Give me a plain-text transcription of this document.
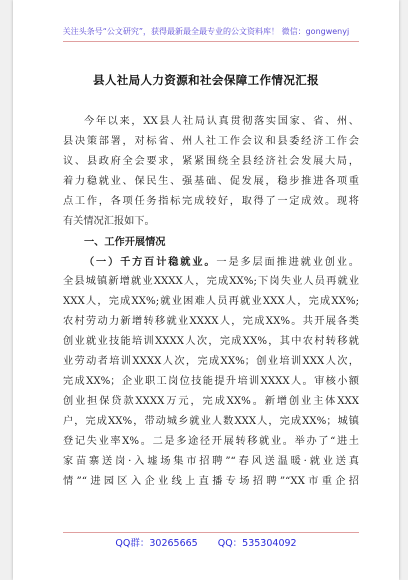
关注头条号“公文研究”，获得最新最全最专业的公文资料库！ 微信：gongwenyj
县人社局人力资源和社会保障工作情况汇报
今年以来，XX县人社局认真贯彻落实国家、省、州、
县决策部署，对标省、州人社工作会议和县委经济工作会
议、县政府全会要求，紧紧围绕全县经济社会发展大局，
着力稳就业、保民生、强基础、促发展，稳步推进各项重
点工作，各项任务指标完成较好，取得了一定成效。现将
有关情况汇报如下。
一、工作开展情况
（一）千方百计稳就业。一是多层面推进就业创业。
全县城镇新增就业XXXX人，完成XX%;下岗失业人员再就业
XXX人，完成XX%;就业困难人员再就业XXX人，完成XX%;
农村劳动力新增转移就业XXXX人，完成XX%。共开展各类
创业就业技能培训XXXX人次，完成XX%，其中农村转移就
业劳动者培训XXXX人次，完成XX%；创业培训XXX人次，
完成XX%；企业职工岗位技能提升培训XXXX人。审核小额
创业担保贷款XXXX万元，完成XX%。新增创业主体XXX
户，完成XX%，带动城乡就业人数XXX人，完成XX%；城镇
登记失业率X%。二是多途径开展转移就业。举办了“进土
家苗寨送岗·入墟场集市招聘”“春风送温暖·就业送真
情”“进园区入企业线上直播专场招聘”“XX市重企招
QQ群：30265665 QQ：535304092
